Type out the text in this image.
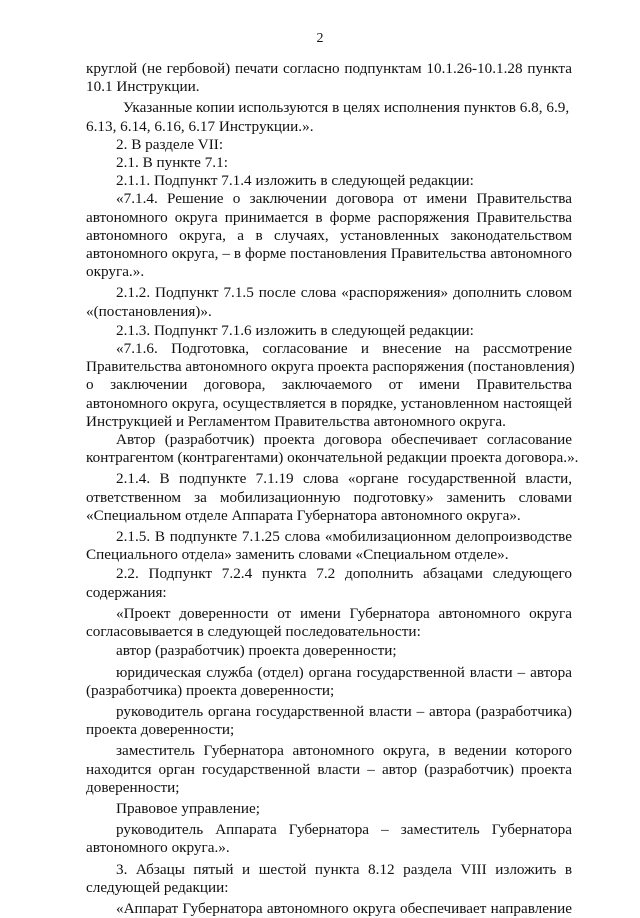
2
круглой (не гербовой) печати согласно подпунктам 10.1.26-10.1.28 пункта
10.1 Инструкции.
Указанные копии используются в целях исполнения пунктов 6.8, 6.9,
6.13, 6.14, 6.16, 6.17 Инструкции.».
2. В разделе VII:
2.1. В пункте 7.1:
2.1.1. Подпункт 7.1.4 изложить в следующей редакции:
«7.1.4. Решение о заключении договора от имени Правительства
автономного округа принимается в форме распоряжения Правительства
автономного округа, а в случаях, установленных законодательством
автономного округа, – в форме постановления Правительства автономного
округа.».
2.1.2. Подпункт 7.1.5 после слова «распоряжения» дополнить словом
«(постановления)».
2.1.3. Подпункт 7.1.6 изложить в следующей редакции:
«7.1.6. Подготовка, согласование и внесение на рассмотрение
Правительства автономного округа проекта распоряжения (постановления)
о заключении договора, заключаемого от имени Правительства
автономного округа, осуществляется в порядке, установленном настоящей
Инструкцией и Регламентом Правительства автономного округа.
Автор (разработчик) проекта договора обеспечивает согласование
контрагентом (контрагентами) окончательной редакции проекта договора.».
2.1.4. В подпункте 7.1.19 слова «органе государственной власти,
ответственном за мобилизационную подготовку» заменить словами
«Специальном отделе Аппарата Губернатора автономного округа».
2.1.5. В подпункте 7.1.25 слова «мобилизационном делопроизводстве
Специального отдела» заменить словами «Специальном отделе».
2.2. Подпункт 7.2.4 пункта 7.2 дополнить абзацами следующего
содержания:
«Проект доверенности от имени Губернатора автономного округа
согласовывается в следующей последовательности:
автор (разработчик) проекта доверенности;
юридическая служба (отдел) органа государственной власти – автора
(разработчика) проекта доверенности;
руководитель органа государственной власти – автора (разработчика)
проекта доверенности;
заместитель Губернатора автономного округа, в ведении которого
находится орган государственной власти – автор (разработчик) проекта
доверенности;
Правовое управление;
руководитель Аппарата Губернатора – заместитель Губернатора
автономного округа.».
3. Абзацы пятый и шестой пункта 8.12 раздела VIII изложить в
следующей редакции:
«Аппарат Губернатора автономного округа обеспечивает направление
